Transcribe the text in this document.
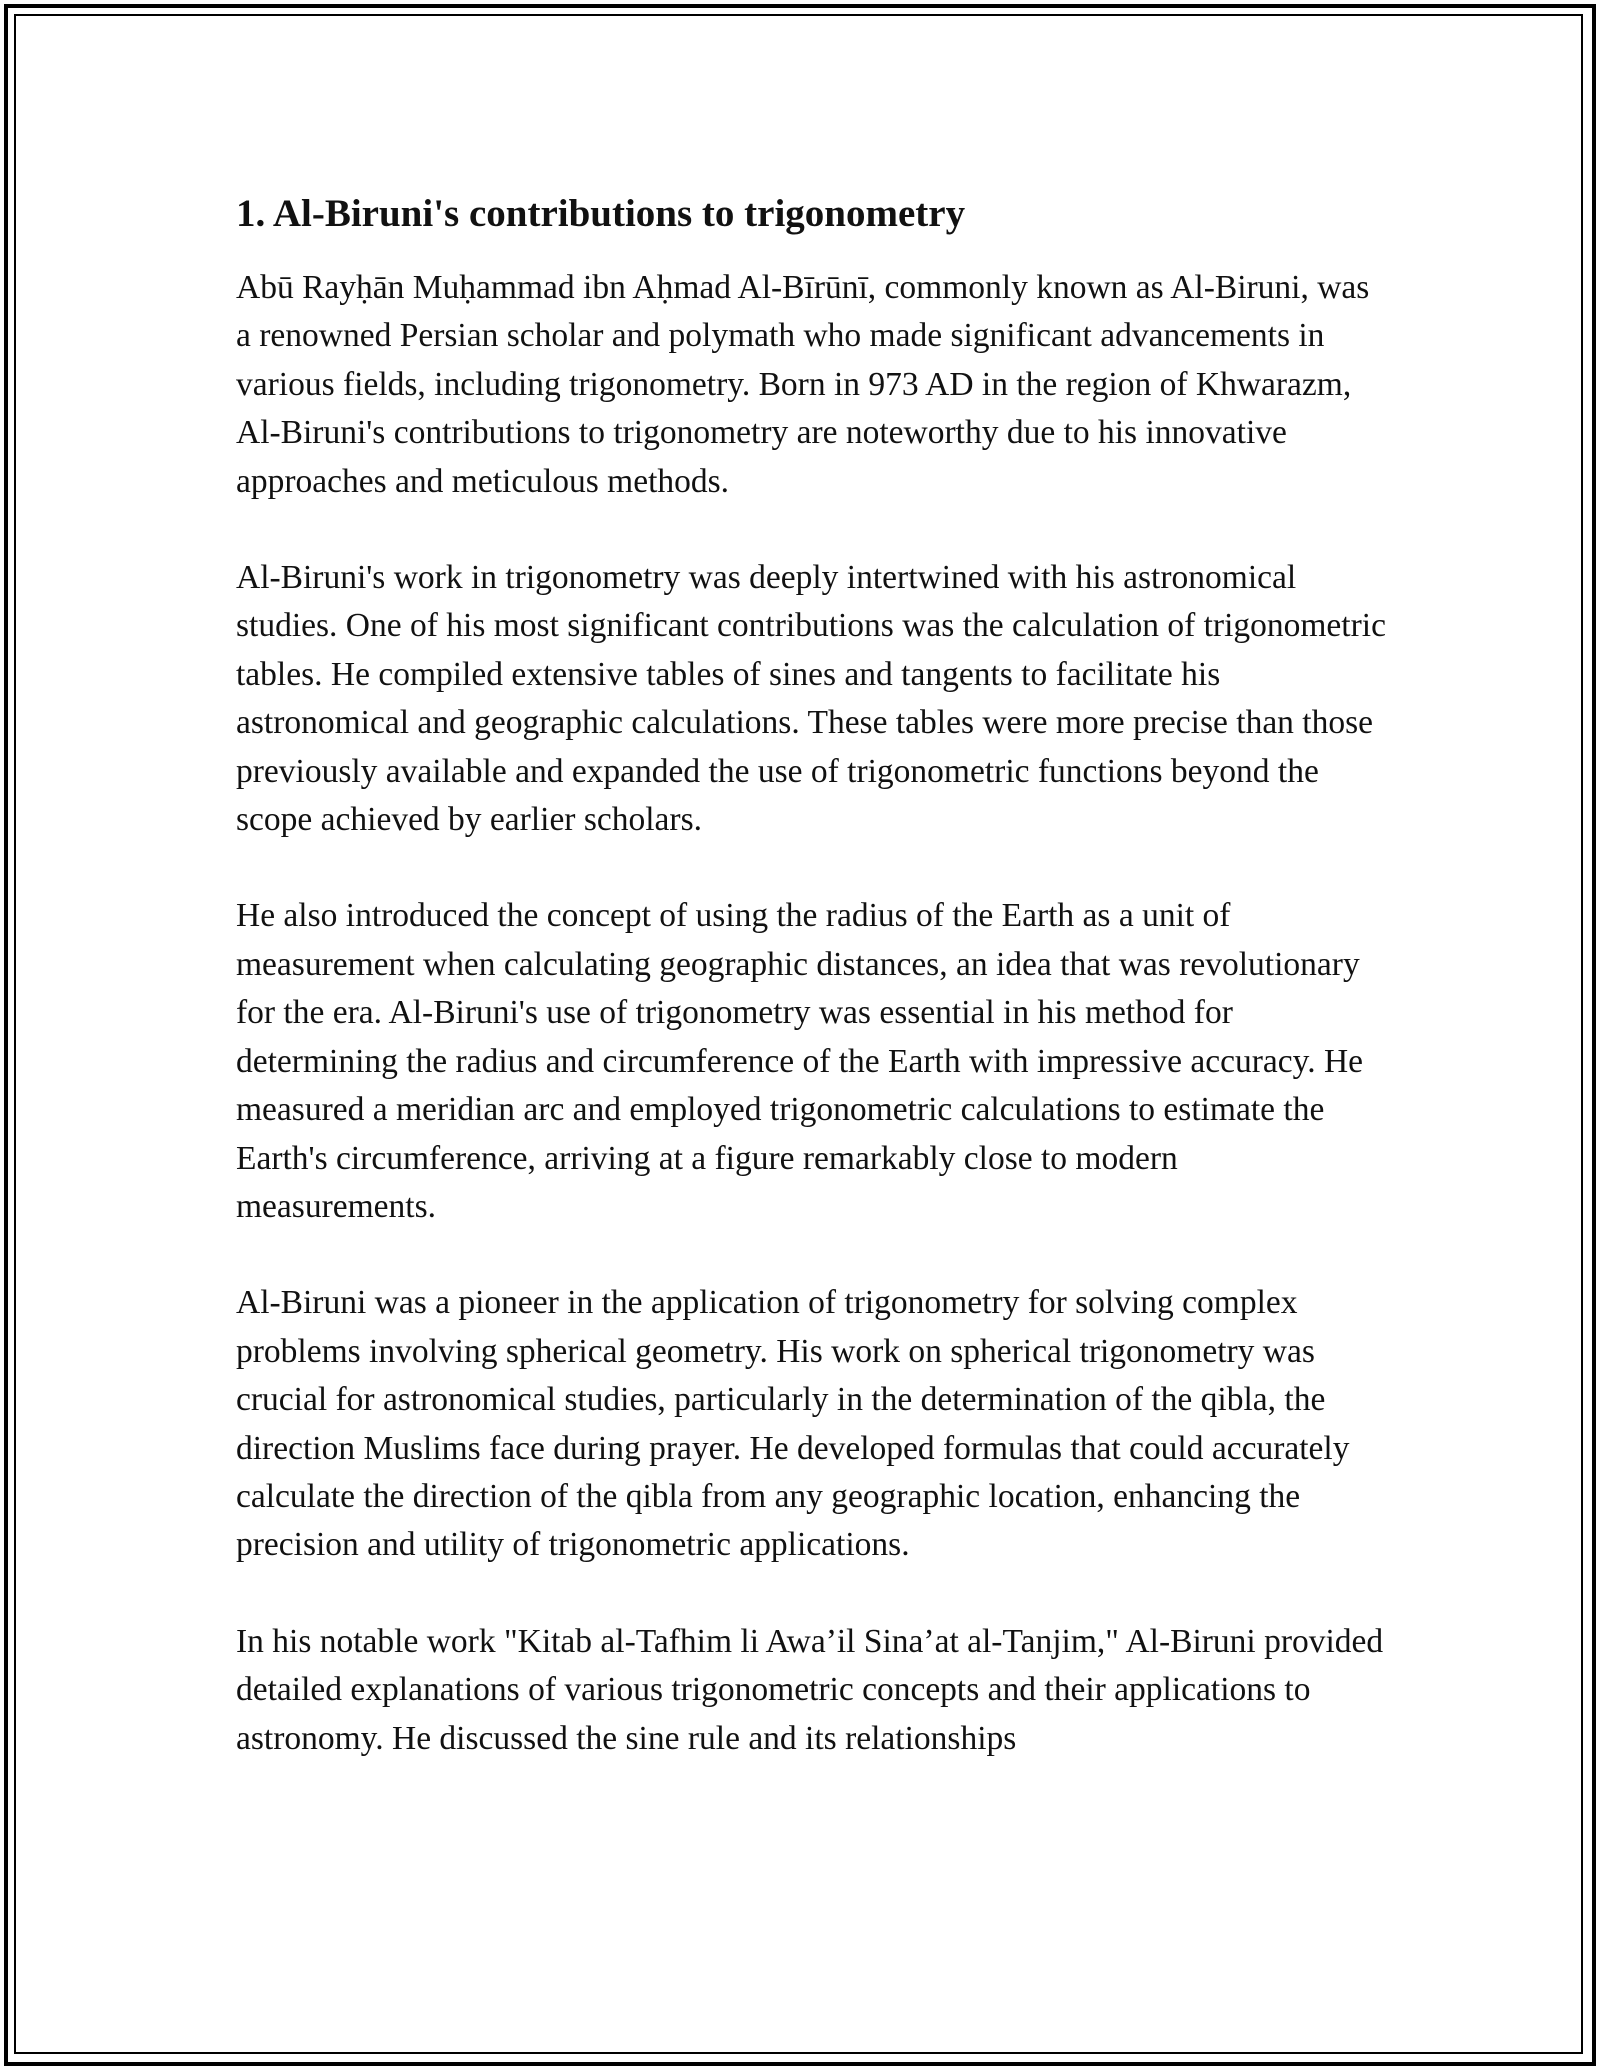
1. Al-Biruni's contributions to trigonometry

Abū Rayḥān Muḥammad ibn Aḥmad Al-Bīrūnī, commonly known as Al-Biruni, was a renowned Persian scholar and polymath who made significant advancements in various fields, including trigonometry. Born in 973 AD in the region of Khwarazm, Al-Biruni's contributions to trigonometry are noteworthy due to his innovative approaches and meticulous methods.

Al-Biruni's work in trigonometry was deeply intertwined with his astronomical studies. One of his most significant contributions was the calculation of trigonometric tables. He compiled extensive tables of sines and tangents to facilitate his astronomical and geographic calculations. These tables were more precise than those previously available and expanded the use of trigonometric functions beyond the scope achieved by earlier scholars.

He also introduced the concept of using the radius of the Earth as a unit of measurement when calculating geographic distances, an idea that was revolutionary for the era. Al-Biruni's use of trigonometry was essential in his method for determining the radius and circumference of the Earth with impressive accuracy. He measured a meridian arc and employed trigonometric calculations to estimate the Earth's circumference, arriving at a figure remarkably close to modern measurements.

Al-Biruni was a pioneer in the application of trigonometry for solving complex problems involving spherical geometry. His work on spherical trigonometry was crucial for astronomical studies, particularly in the determination of the qibla, the direction Muslims face during prayer. He developed formulas that could accurately calculate the direction of the qibla from any geographic location, enhancing the precision and utility of trigonometric applications.

In his notable work "Kitab al-Tafhim li Awa’il Sina’at al-Tanjim," Al-Biruni provided detailed explanations of various trigonometric concepts and their applications to astronomy. He discussed the sine rule and its relationships
